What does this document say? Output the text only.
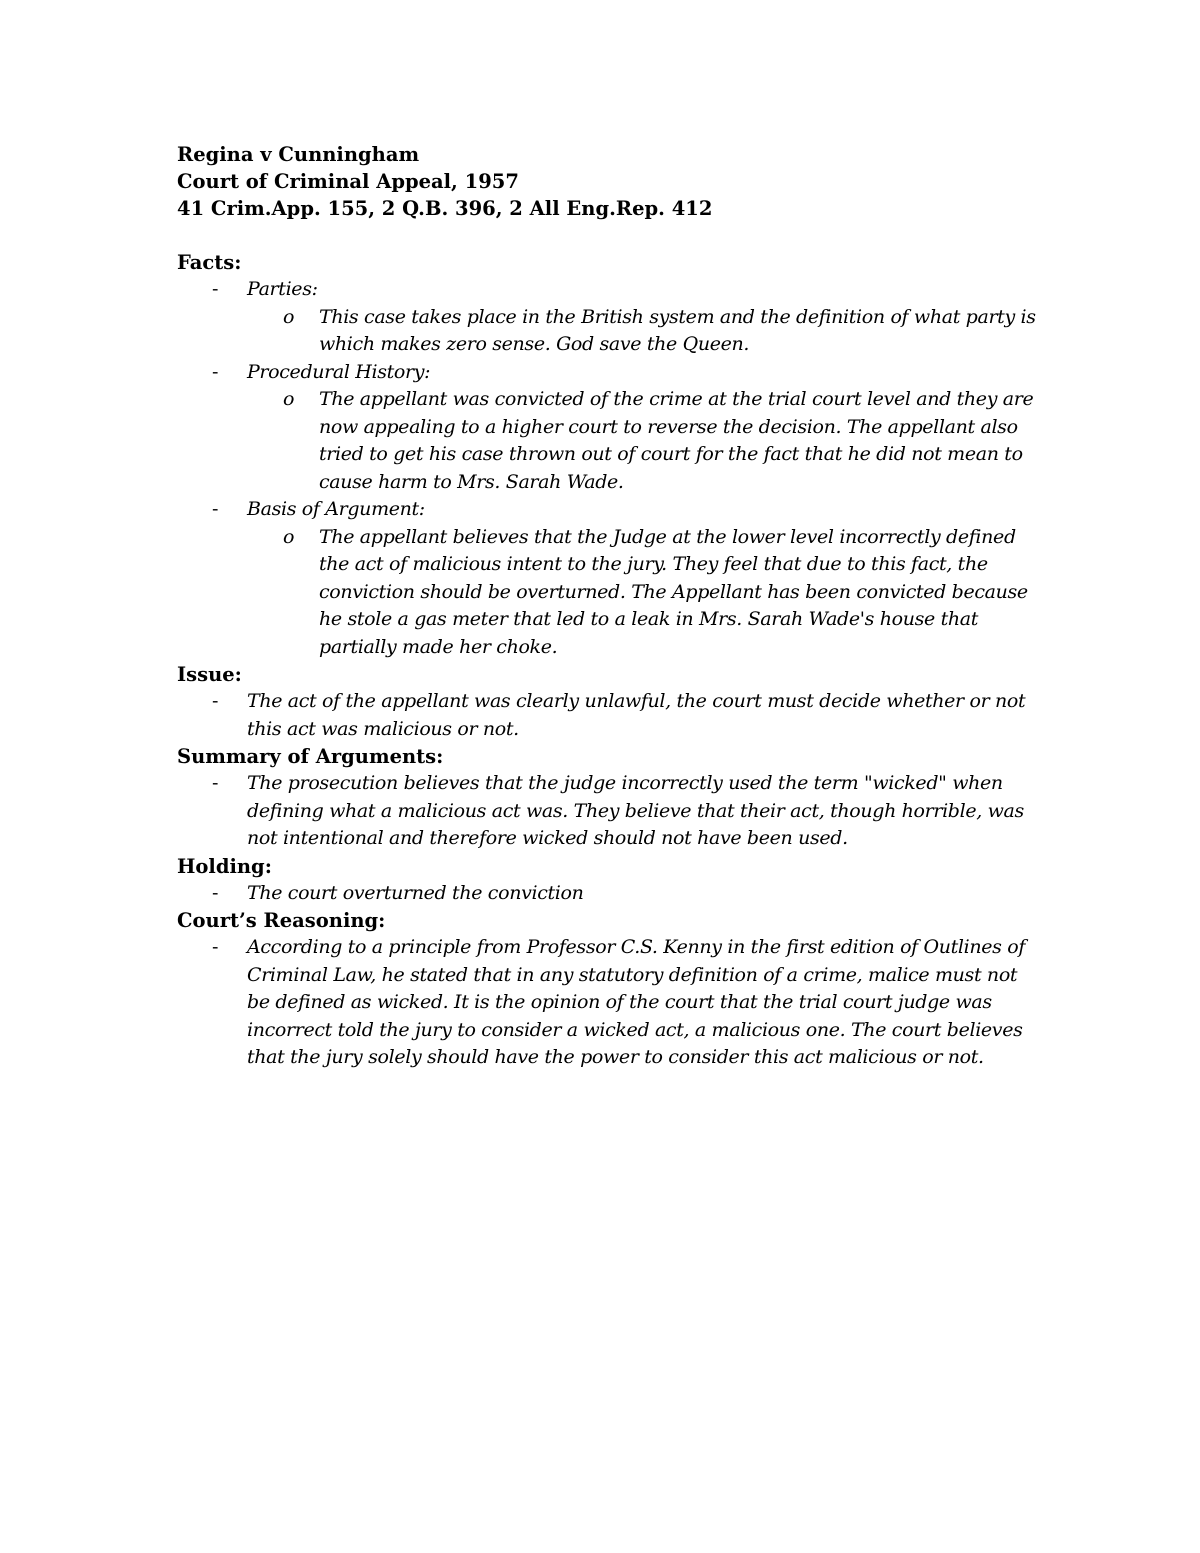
Regina v Cunningham
Court of Criminal Appeal, 1957
41 Crim.App. 155, 2 Q.B. 396, 2 All Eng.Rep. 412
Facts:
- Parties:
o This case takes place in the British system and the definition of what party is which makes zero sense. God save the Queen.
- Procedural History:
o The appellant was convicted of the crime at the trial court level and they are now appealing to a higher court to reverse the decision. The appellant also tried to get his case thrown out of court for the fact that he did not mean to cause harm to Mrs. Sarah Wade.
- Basis of Argument:
o The appellant believes that the Judge at the lower level incorrectly defined the act of malicious intent to the jury. They feel that due to this fact, the conviction should be overturned. The Appellant has been convicted because he stole a gas meter that led to a leak in Mrs. Sarah Wade's house that partially made her choke.
Issue:
- The act of the appellant was clearly unlawful, the court must decide whether or not this act was malicious or not.
Summary of Arguments:
- The prosecution believes that the judge incorrectly used the term "wicked" when defining what a malicious act was. They believe that their act, though horrible, was not intentional and therefore wicked should not have been used.
Holding:
- The court overturned the conviction
Court’s Reasoning:
- According to a principle from Professor C.S. Kenny in the first edition of Outlines of Criminal Law, he stated that in any statutory definition of a crime, malice must not be defined as wicked. It is the opinion of the court that the trial court judge was incorrect told the jury to consider a wicked act, a malicious one. The court believes that the jury solely should have the power to consider this act malicious or not.
